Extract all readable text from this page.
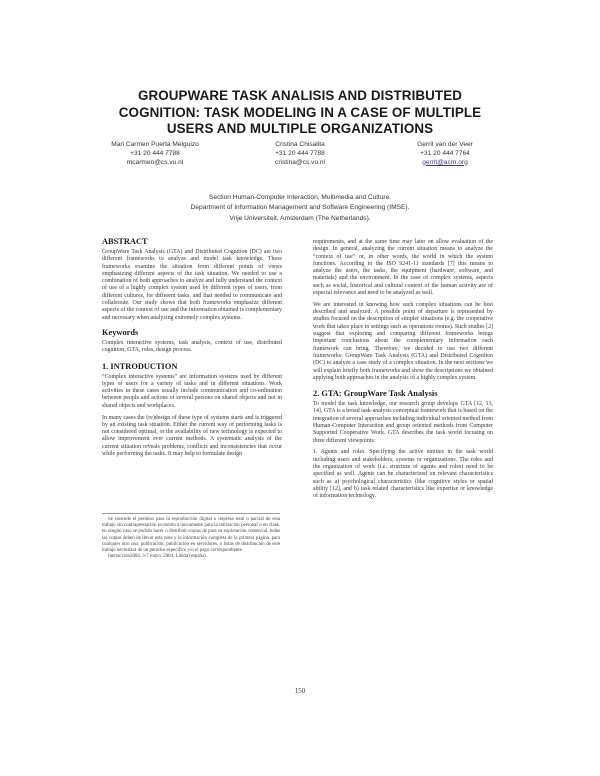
GROUPWARE TASK ANALISIS AND DISTRIBUTED
COGNITION: TASK MODELING IN A CASE OF MULTIPLE
USERS AND MULTIPLE ORGANIZATIONS
Mari Carmen Puerta Melguizo
+31 20 444 7788
mcarmen@cs.vu.nl
Cristina Chisalita
+31 20 444 7788
cristina@cs.vu.nl
Gerrit van der Veer
+31 20 444 7764
gerrit@acm.org
Section Human-Computer Interaction, Multimedia and Culture.
Department of Information Management and Software Engineering (IMSE).
Vrije Universiteit, Amsterdam (The Netherlands).
ABSTRACT

GroupWare Task Analysis (GTA) and Distributed Cognition (DC) are two different frameworks to analyze and model task knowledge. These frameworks examine the situation from different points of views emphasizing different aspects of the task situation. We needed to use a combination of both approaches to analyze and fully understand the context of use of a highly complex system used by different types of users, from different cultures, for different tasks, and that needed to communicate and collaborate. Our study shows that both frameworks emphasize different aspects of the context of use and the information obtained is complementary and necessary when analyzing extremely complex systems.

Keywords

Complex interactive systems, task analysis, context of use, distributed cognition, GTA, roles, design process.

1. INTRODUCTION

“Complex interactive systems” are information systems used by different types of users for a variety of tasks and in different situations. Work activities in these cases usually include communication and co-ordination between people and actions of several persons on shared objects and not in shared objects and workplaces.

In many cases the (re)design of these type of systems starts and is triggered by an existing task situation. Either the current way of performing tasks is not considered optimal, or the availability of new technology is expected to allow improvement over current methods. A systematic analysis of the current situation reveals problems, conflicts and inconsistencies that occur while performing the tasks. It may help to formulate design

Se concede el permiso para la reproducción digital o impresa total o parcial de esta trabajo sin contraprestación económica únicamente para la utilización personal o en clase, en ningún caso se podrán hacer o distribuir copias de para su explotación comercial. todas las copias deben de llevar esta nota y la información completa de la primera página. para cualquier otro uso, publicación, publicación en servidores, o listas de distribución de este trabajo necesitará de un permiso específico y/o el pago correspondiente.

Interacción2004, 3-7 mayo, 2004, Lléida (españa).

requirements, and at the same time may later on allow evaluation of the design. In general, analyzing the current situation means to analyze the “context of use” or, in other words, the world in which the system functions. According to the ISO 9241-11 standards [7] this means to analyze the users, the tasks, the equipment (hardware, software, and materials) and the environment. In the case of complex systems, aspects such as social, historical and cultural context of the human activity are of especial relevance and need to be analyzed as well.

We are interested in knowing how such complex situations can be best described and analyzed. A possible point of departure is represented by studies focused on the description of simpler situations (e.g. the cooperative work that takes place in settings such as operations rooms). Such studies [2] suggest that exploring and comparing different frameworks brings important conclusions about the complementary information each framework can bring. Therefore, we decided to use two different frameworks: GroupWare Task Analysis (GTA) and Distributed Cognition (DC) to analyze a case study of a complex situation. In the next sections we will explain briefly both frameworks and show the descriptions we obtained applying both approaches in the analysis of a highly complex system.

2. GTA: GroupWare Task Analysis

To model the task knowledge, our research group develops GTA [12, 13, 14]. GTA is a broad task-analysis conceptual framework that is based on the integration of several approaches including individual oriented method from Human-Computer Interaction and group oriented methods from Computer Supported Cooperative Work. GTA describes the task world focusing on three different viewpoints:

1. Agents and roles. Specifying the active entities in the task world including users and stakeholders, systems or organizations. The roles and the organization of work (i.e. structure of agents and roles) need to be specified as well. Agents can be characterized on relevant characteristics such as a) psychological characteristics (like cognitive styles or spatial ability [12], and b) task related characteristics like expertise or knowledge of information technology.

150
